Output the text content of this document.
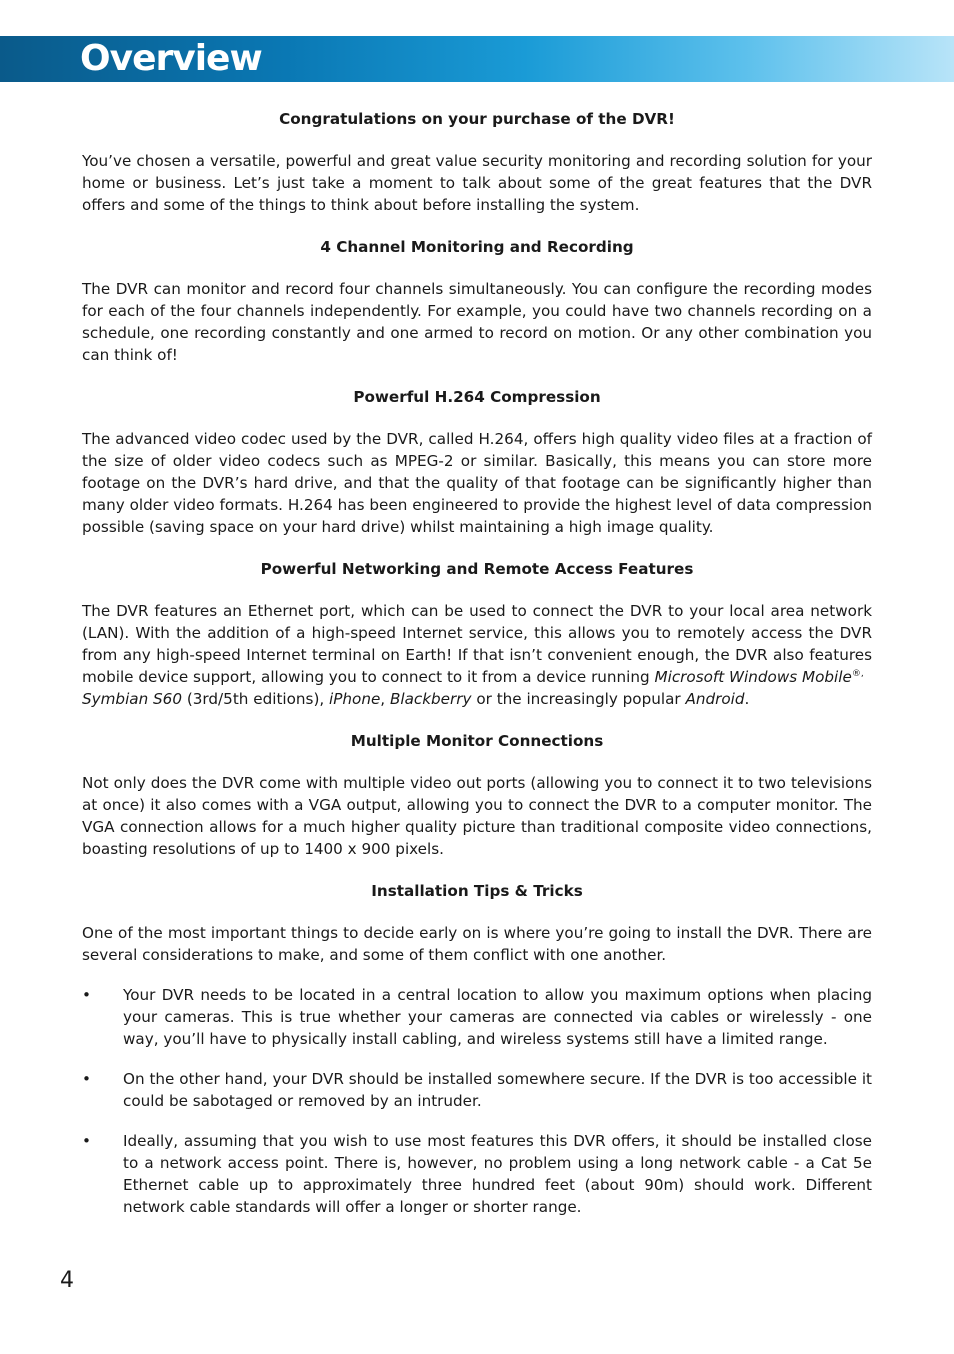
Overview
Congratulations on your purchase of the DVR!
You’ve chosen a versatile, powerful and great value security monitoring and recording solution for your home or business. Let’s just take a moment to talk about some of the great features that the DVR offers and some of the things to think about before installing the system.
4 Channel Monitoring and Recording
The DVR can monitor and record four channels simultaneously. You can configure the recording modes for each of the four channels independently. For example, you could have two channels recording on a schedule, one recording constantly and one armed to record on motion. Or any other combination you can think of!
Powerful H.264 Compression
The advanced video codec used by the DVR, called H.264, offers high quality video files at a fraction of the size of older video codecs such as MPEG-2 or similar. Basically, this means you can store more footage on the DVR’s hard drive, and that the quality of that footage can be significantly higher than many older video formats. H.264 has been engineered to provide the highest level of data compression possible (saving space on your hard drive) whilst maintaining a high image quality.
Powerful Networking and Remote Access Features
The DVR features an Ethernet port, which can be used to connect the DVR to your local area network (LAN). With the addition of a high-speed Internet service, this allows you to remotely access the DVR from any high-speed Internet terminal on Earth! If that isn’t convenient enough, the DVR also features mobile device support, allowing you to connect to it from a device running Microsoft Windows Mobile®,
Symbian S60 (3rd/5th editions), iPhone, Blackberry or the increasingly popular Android.
Multiple Monitor Connections
Not only does the DVR come with multiple video out ports (allowing you to connect it to two televisions at once) it also comes with a VGA output, allowing you to connect the DVR to a computer monitor. The VGA connection allows for a much higher quality picture than traditional composite video connections, boasting resolutions of up to 1400 x 900 pixels.
Installation Tips & Tricks
One of the most important things to decide early on is where you’re going to install the DVR. There are several considerations to make, and some of them conflict with one another.
• Your DVR needs to be located in a central location to allow you maximum options when placing your cameras. This is true whether your cameras are connected via cables or wirelessly - one way, you’ll have to physically install cabling, and wireless systems still have a limited range.
• On the other hand, your DVR should be installed somewhere secure. If the DVR is too accessible it could be sabotaged or removed by an intruder.
• Ideally, assuming that you wish to use most features this DVR offers, it should be installed close to a network access point. There is, however, no problem using a long network cable - a Cat 5e Ethernet cable up to approximately three hundred feet (about 90m) should work. Different network cable standards will offer a longer or shorter range.
4
